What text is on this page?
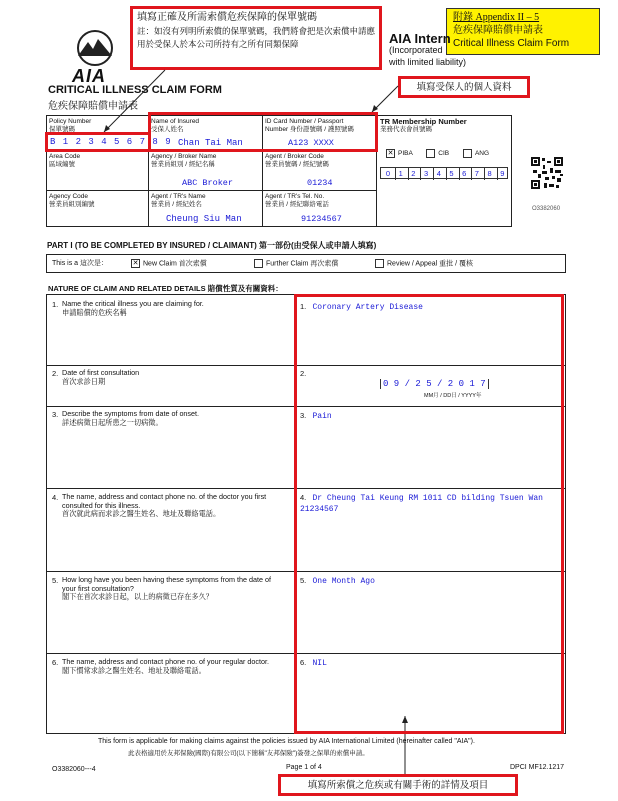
附錄 Appendix II – 5
危疾保障賠償申請表
Critical Illness Claim Form
AIA
AIA Intern
(Incorporated
with limited liability)
填寫正確及所需索償危疾保障的保單號碼
註：如沒有列明所索償的保單號碼，我們將會把是次索償申請應用於受保人於本公司所持有之所有同類保障
填寫受保人的個人資料
CRITICAL ILLNESS CLAIM FORM
危疾保障賠償申請表
Policy Number
保單號碼
B 1 2 3 4 5 6 7 8 9
Name of Insured
受保人姓名
Chan Tai Man
ID Card Number / Passport
Number 身份證號碼 / 護照號碼
A123 XXXX
TR Membership Number
業務代表會員號碼
✕ PIBA	CIB	ANG
0	1	2	3	4	5	6	7	8	9
Area Code
區域編號
Agency / Broker Name
營業員組別 / 經紀名稱
ABC Broker
Agent / Broker Code
營業員號碼 / 經紀號碼
01234
Agency Code
營業員組別編號
Agent / TR's Name
營業員 / 經紀姓名
Cheung Siu Man
Agent / TR's Tel. No.
營業員 / 經紀聯絡電話
91234567
O3382060
PART I (TO BE COMPLETED BY INSURED / CLAIMANT) 第一部份(由受保人或申請人填寫)
This is a 這次是：	✕ New Claim 首次索償	Further Claim 再次索償	Review / Appeal 重批 / 覆核
NATURE OF CLAIM AND RELATED DETAILS 賠償性質及有關資料：
1. Name the critical illness you are claiming for.
申請賠償的危疾名稱
1. Coronary Artery Disease
2. Date of first consultation
首次求診日期
2.
0 9 / 2 5 / 2 0 1 7
MM月 / DD日 / YYYY年
3. Describe the symptoms from date of onset.
詳述病徵日起所患之一切病徵。
3. Pain
4. The name, address and contact phone no. of the doctor you first consulted for this illness.
首次就此病而求診之醫生姓名、地址及聯絡電話。
4. Dr Cheung Tai Keung RM 1011 CD bilding Tsuen Wan 21234567
5. How long have you been having these symptoms from the date of your first consultation?
閣下在首次求診日起，以上的病徵已存在多久？
5. One Month Ago
6. The name, address and contact phone no. of your regular doctor.
閣下慣常求診之醫生姓名、地址及聯絡電話。
6. NIL
This form is applicable for making claims against the policies issued by AIA International Limited (hereinafter called "AIA").
此表格適用於友邦保險(國際)有限公司(以下簡稱"友邦保險")簽發之保單的索償申請。
O3382060---4	Page 1 of 4	DPCI MF12.1217
填寫所索償之危疾或有關手術的詳情及項目
